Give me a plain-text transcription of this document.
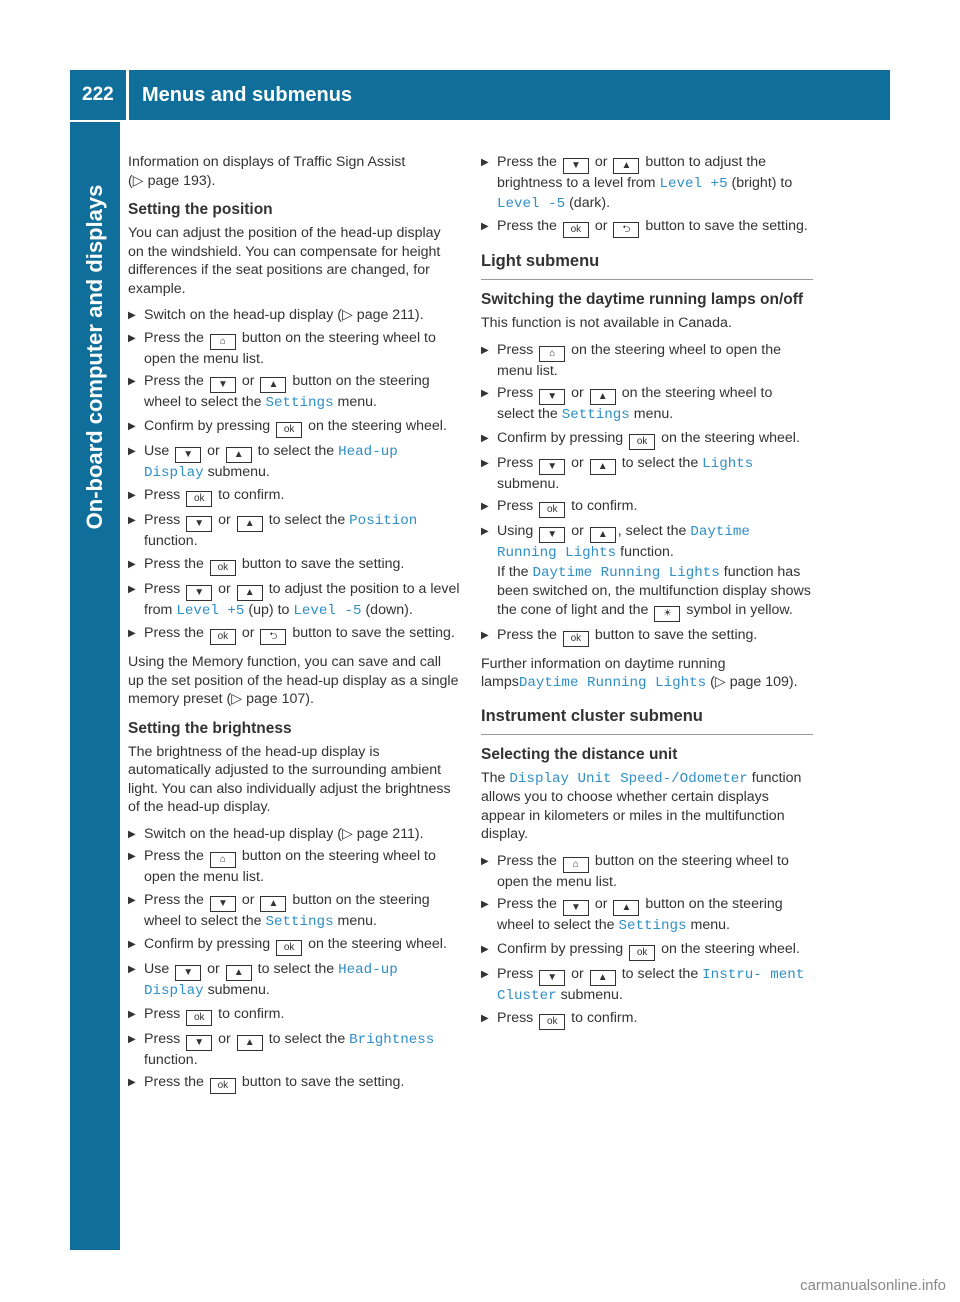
222 Menus and submenus
On-board computer and displays

Information on displays of Traffic Sign Assist
(▷ page 193).

Setting the position

You can adjust the position of the head-up display on the windshield. You can compensate for height differences if the seat positions are changed, for example.

▶ Switch on the head-up display (▷ page 211).
▶ Press the ⌂ button on the steering wheel to open the menu list.
▶ Press the ▼ or ▲ button on the steering wheel to select the Settings menu.
▶ Confirm by pressing ok on the steering wheel.
▶ Use ▼ or ▲ to select the Head-up Display submenu.
▶ Press ok to confirm.
▶ Press ▼ or ▲ to select the Position function.
▶ Press the ok button to save the setting.
▶ Press ▼ or ▲ to adjust the position to a level from Level +5 (up) to Level -5 (down).
▶ Press the ok or ⮌ button to save the setting.

Using the Memory function, you can save and call up the set position of the head-up display as a single memory preset (▷ page 107).

Setting the brightness

The brightness of the head-up display is automatically adjusted to the surrounding ambient light. You can also individually adjust the brightness of the head-up display.

▶ Switch on the head-up display (▷ page 211).
▶ Press the ⌂ button on the steering wheel to open the menu list.
▶ Press the ▼ or ▲ button on the steering wheel to select the Settings menu.
▶ Confirm by pressing ok on the steering wheel.
▶ Use ▼ or ▲ to select the Head-up Display submenu.
▶ Press ok to confirm.
▶ Press ▼ or ▲ to select the Brightness function.
▶ Press the ok button to save the setting.
▶ Press the ▼ or ▲ button to adjust the brightness to a level from Level +5 (bright) to Level -5 (dark).
▶ Press the ok or ⮌ button to save the setting.
Light submenu
Switching the daytime running lamps on/off

This function is not available in Canada.

▶ Press ⌂ on the steering wheel to open the menu list.
▶ Press ▼ or ▲ on the steering wheel to select the Settings menu.
▶ Confirm by pressing ok on the steering wheel.
▶ Press ▼ or ▲ to select the Lights submenu.
▶ Press ok to confirm.
▶ Using ▼ or ▲ , select the Daytime Running Lights function.
If the Daytime Running Lights function has been switched on, the multifunction display shows the cone of light and the ☀ symbol in yellow.
▶ Press the ok button to save the setting.

Further information on daytime running lampsDaytime Running Lights (▷ page 109).

Instrument cluster submenu
Selecting the distance unit

The Display Unit Speed-/Odometer function allows you to choose whether certain displays appear in kilometers or miles in the multifunction display.

▶ Press the ⌂ button on the steering wheel to open the menu list.
▶ Press the ▼ or ▲ button on the steering wheel to select the Settings menu.
▶ Confirm by pressing ok on the steering wheel.
▶ Press ▼ or ▲ to select the Instru‐ ment Cluster submenu.
▶ Press ok to confirm.
carmanualsonline.info
